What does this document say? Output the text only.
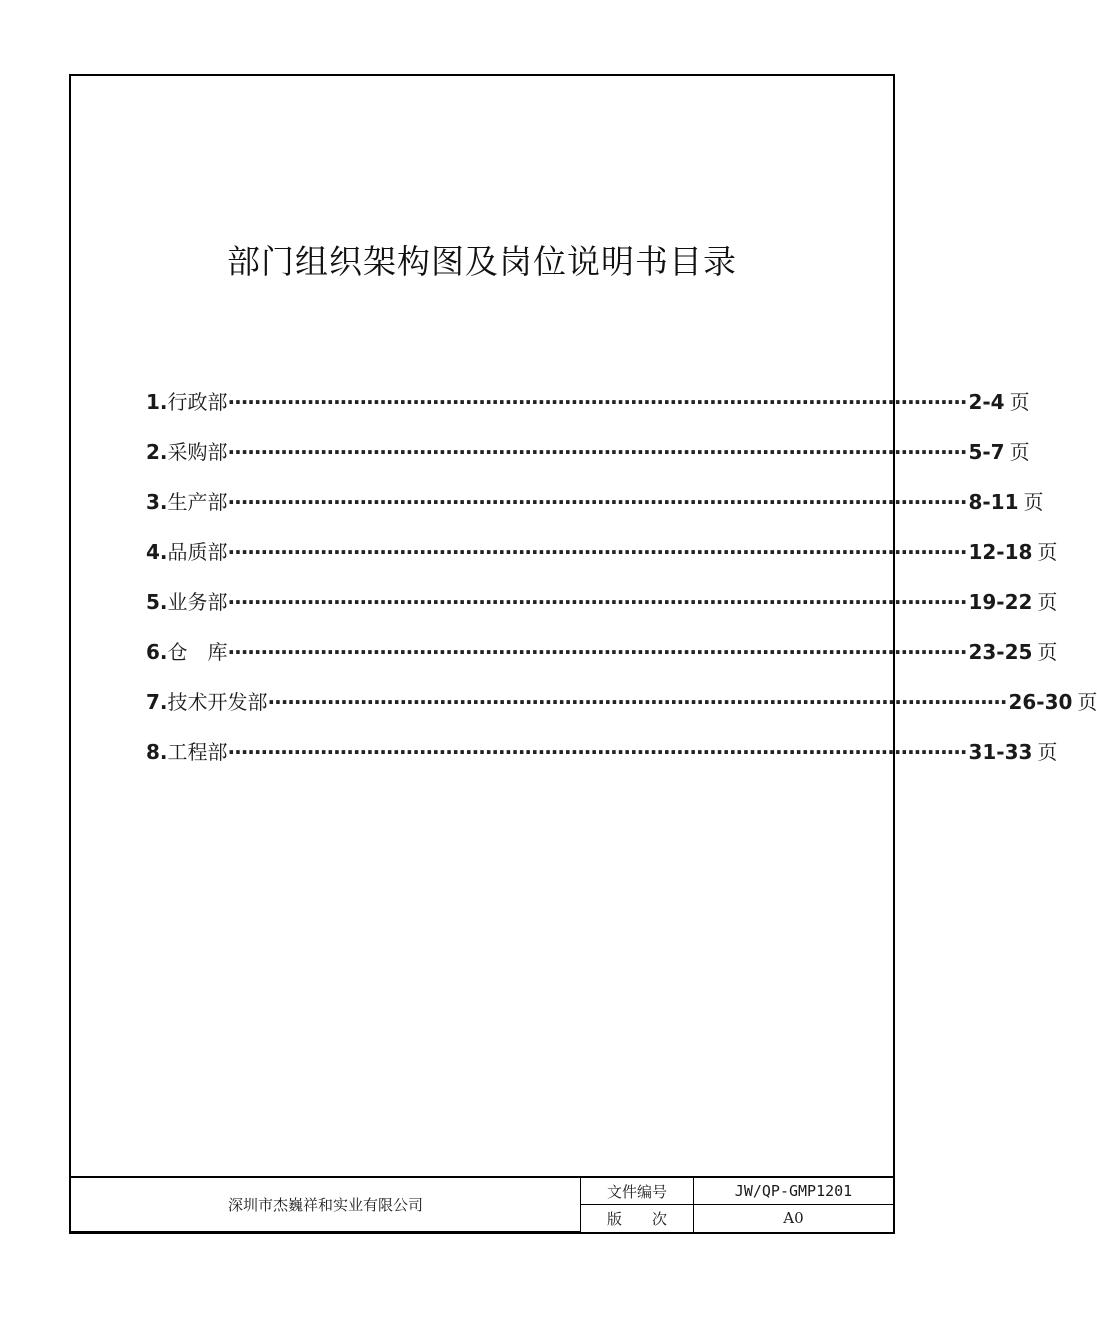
部门组织架构图及岗位说明书目录
1. 行政部 ················································································································ 2-4 页
2. 采购部 ················································································································ 5-7 页
3. 生产部 ················································································································ 8-11 页
4. 品质部 ················································································································ 12-18 页
5. 业务部 ················································································································ 19-22 页
6. 仓　库 ················································································································ 23-25 页
7. 技术开发部 ················································································································ 26-30 页
8. 工程部 ················································································································ 31-33 页
深圳市杰巍祥和实业有限公司	文件编号	JW/QP-GMP1201
	版　　次	A0
